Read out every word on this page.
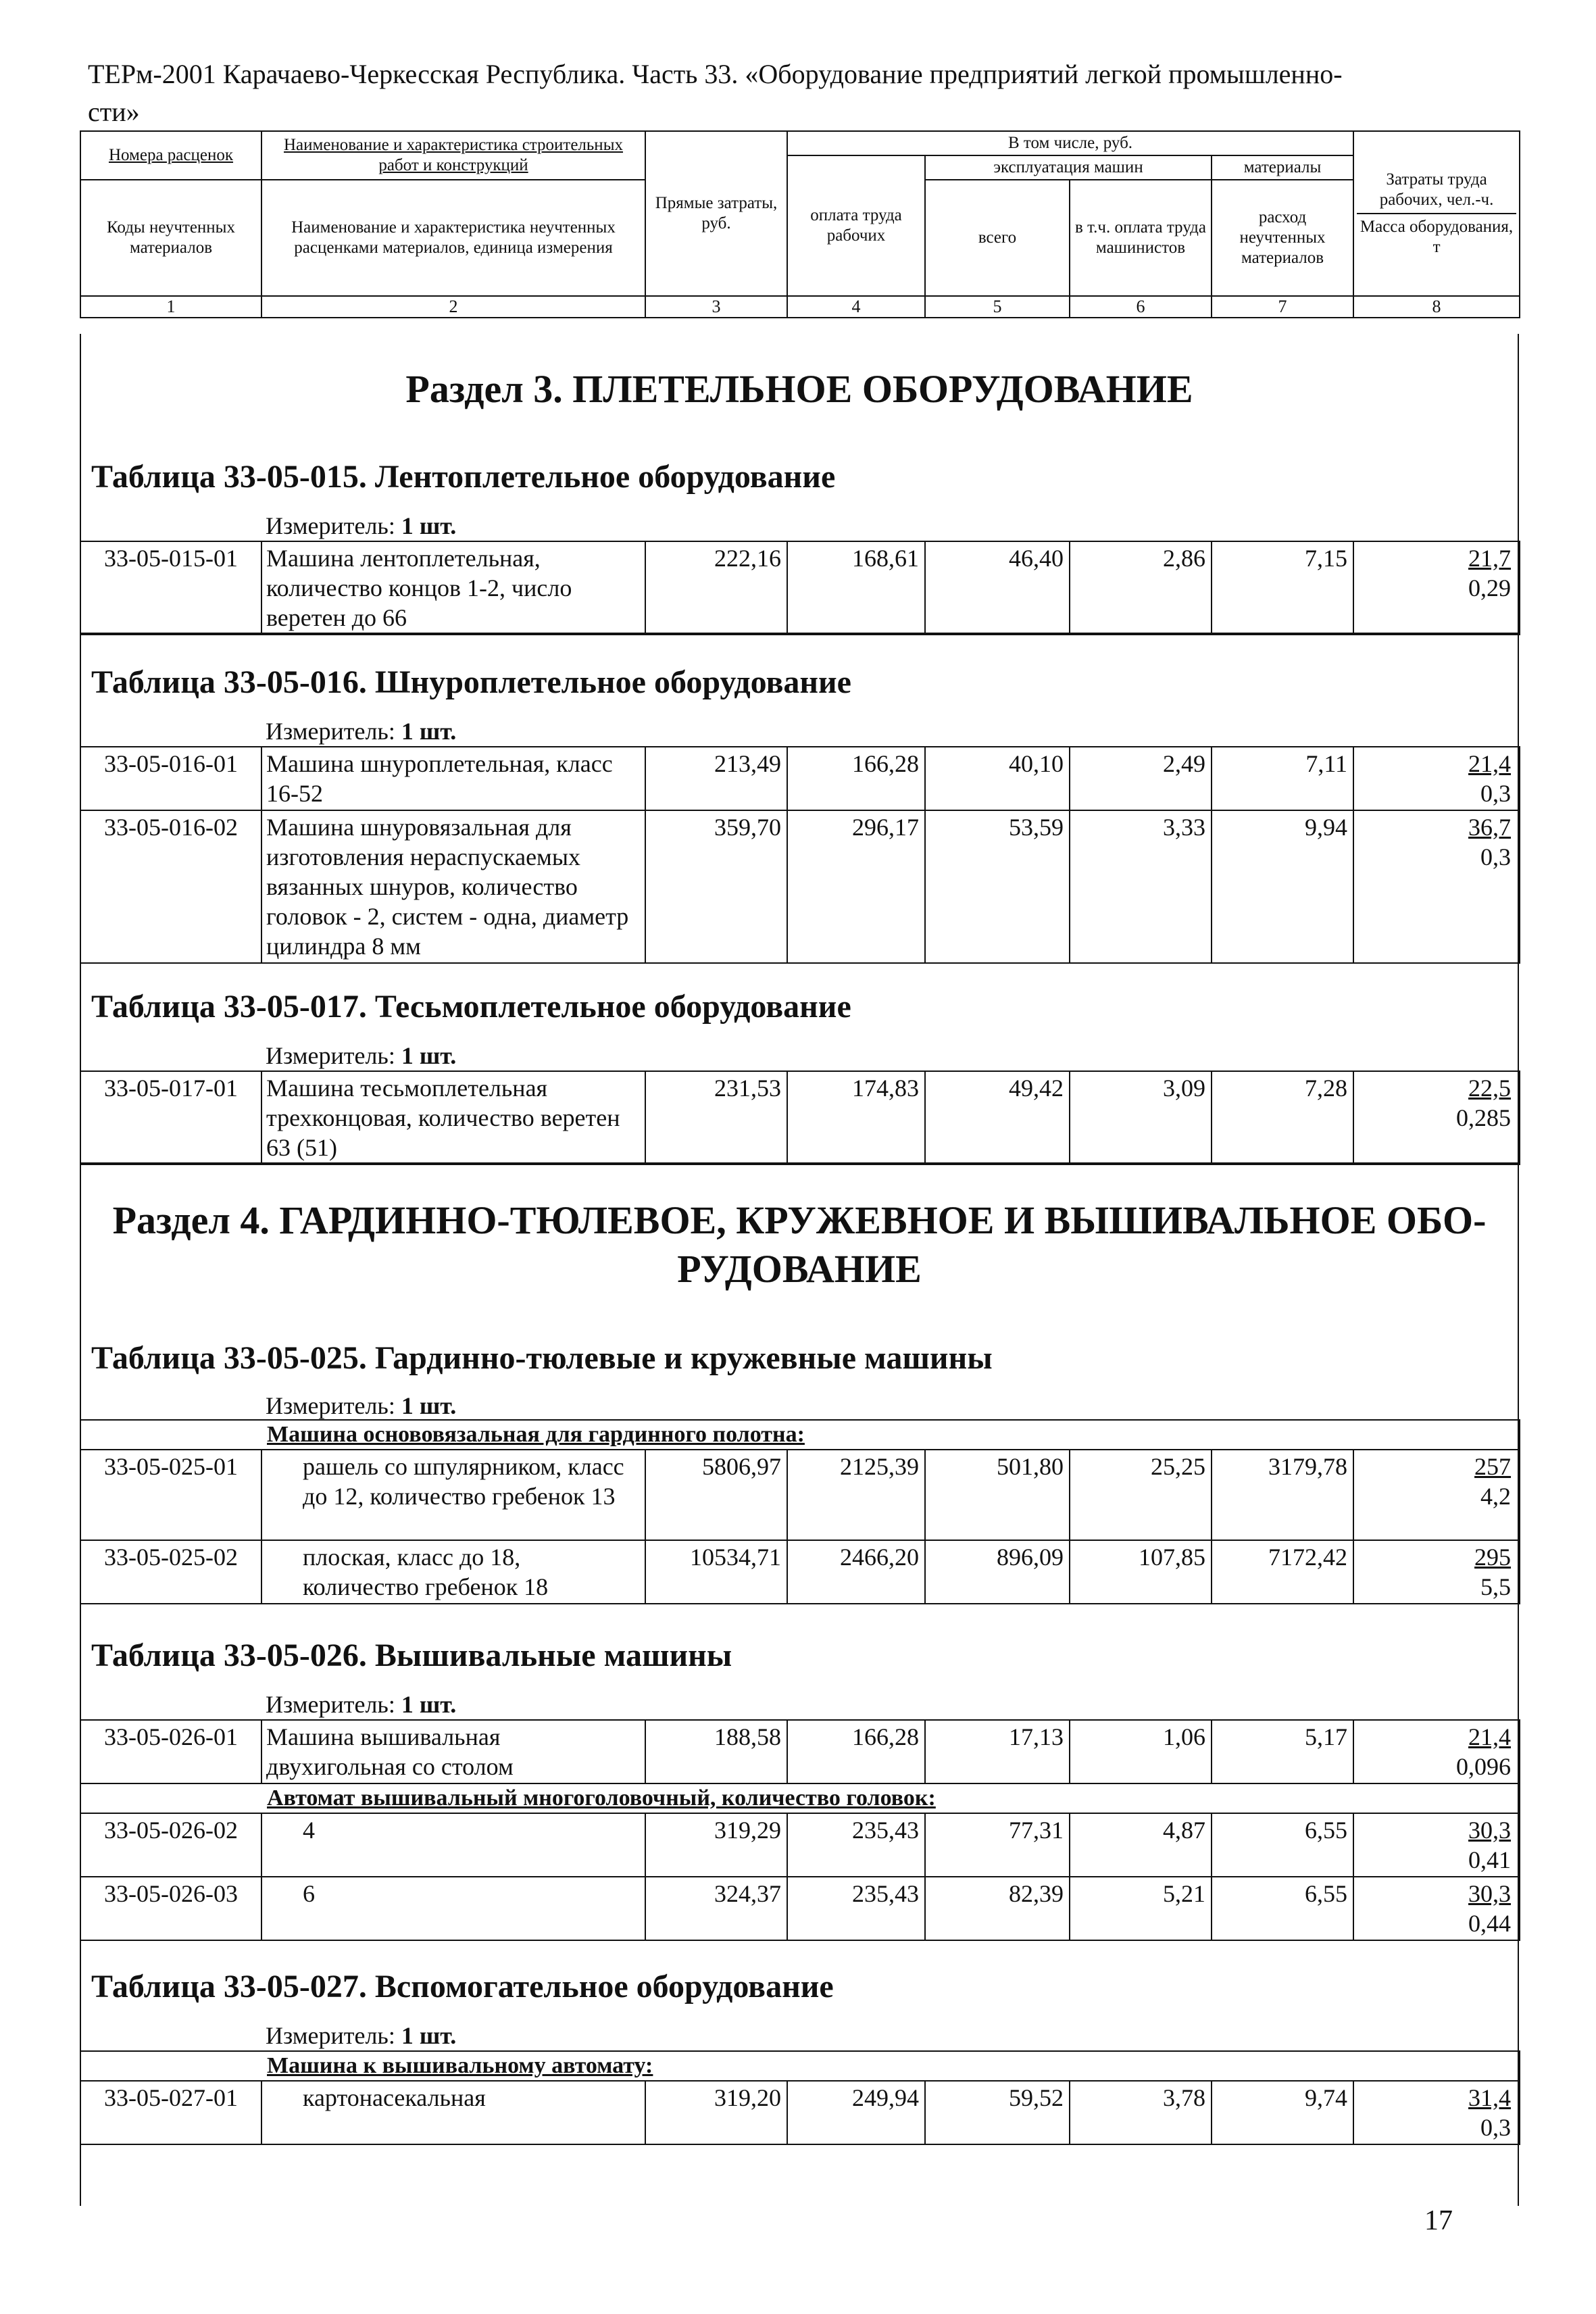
ТЕРм-2001 Карачаево-Черкесская Республика. Часть 33. «Оборудование предприятий легкой промышленно-
сти»
Номера расценок	Наименование и характеристика строительных работ и конструкций	Прямые затраты, руб.	В том числе, руб.				Затраты труда рабочих, чел.-ч.
Масса оборудования, т
			оплата труда рабочих	эксплуатация машин		материалы	
Коды неучтенных материалов	Наименование и характеристика неучтенных расценками материалов, единица измерения			всего	в т.ч. оплата труда машинистов	расход неучтенных материалов	

1	2	3	4	5	6	7	8
Раздел 3. ПЛЕТЕЛЬНОЕ ОБОРУДОВАНИЕ
Таблица 33-05-015. Лентоплетельное оборудование
Измеритель: 1 шт.
33-05-015-01	Машина лентоплетельная, количество концов 1-2, число веретен до 66	222,16	168,61	46,40	2,86	7,15	21,7
0,29
Таблица 33-05-016. Шнуроплетельное оборудование
Измеритель: 1 шт.
33-05-016-01	Машина шнуроплетельная, класс 16-52	213,49	166,28	40,10	2,49	7,11	21,4
0,3
33-05-016-02	Машина шнуровязальная для изготовления нераспускаемых вязанных шнуров, количество головок - 2, систем - одна, диаметр цилиндра 8 мм	359,70	296,17	53,59	3,33	9,94	36,7
0,3
Таблица 33-05-017. Тесьмоплетельное оборудование
Измеритель: 1 шт.
33-05-017-01	Машина тесьмоплетельная трехконцовая, количество веретен 63 (51)	231,53	174,83	49,42	3,09	7,28	22,5
0,285
Раздел 4. ГАРДИННО-ТЮЛЕВОЕ, КРУЖЕВНОЕ И ВЫШИВАЛЬНОЕ ОБО-
РУДОВАНИЕ
Таблица 33-05-025. Гардинно-тюлевые и кружевные машины
Измеритель: 1 шт.
Машина основовязальная для гардинного полотна:							
33-05-025-01	рашель со шпулярником, класс до 12, количество гребенок 13	5806,97	2125,39	501,80	25,25	3179,78	257
4,2
33-05-025-02	плоская, класс до 18, количество гребенок 18	10534,71	2466,20	896,09	107,85	7172,42	295
5,5
Таблица 33-05-026. Вышивальные машины
Измеритель: 1 шт.
33-05-026-01	Машина вышивальная двухигольная со столом	188,58	166,28	17,13	1,06	5,17	21,4
0,096
Автомат вышивальный многоголовочный, количество головок:							
33-05-026-02	4	319,29	235,43	77,31	4,87	6,55	30,3
0,41
33-05-026-03	6	324,37	235,43	82,39	5,21	6,55	30,3
0,44
Таблица 33-05-027. Вспомогательное оборудование
Измеритель: 1 шт.
Машина к вышивальному автомату:
33-05-027-01	картонасекальная	319,20	249,94	59,52	3,78	9,74	31,4
0,3
17
